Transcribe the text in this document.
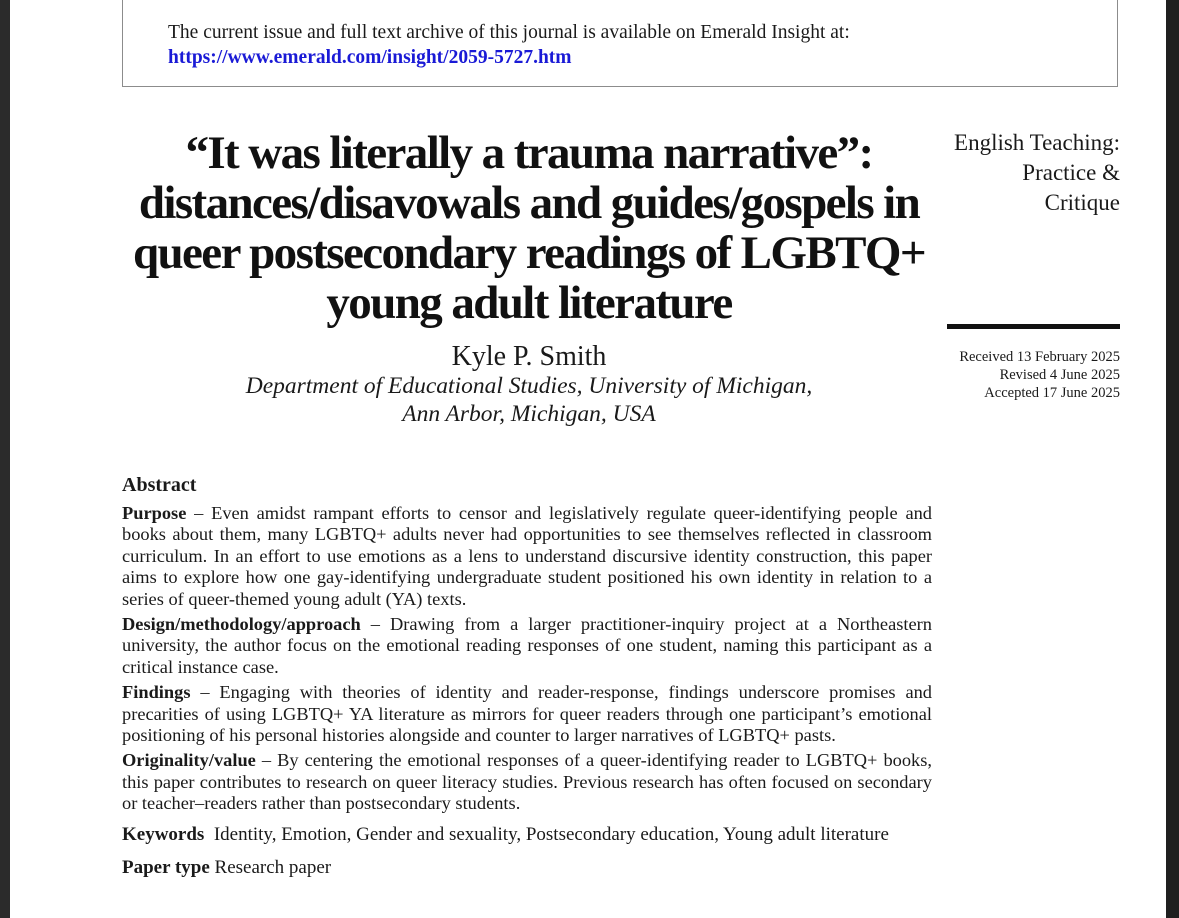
The current issue and full text archive of this journal is available on Emerald Insight at:
https://www.emerald.com/insight/2059-5727.htm
“It was literally a trauma narrative”: distances/disavowals and guides/gospels in queer postsecondary readings of LGBTQ+ young adult literature
English Teaching:
Practice &
Critique
Received 13 February 2025
Revised 4 June 2025
Accepted 17 June 2025
Kyle P. Smith
Department of Educational Studies, University of Michigan,
Ann Arbor, Michigan, USA
Abstract

Purpose – Even amidst rampant efforts to censor and legislatively regulate queer-identifying people and books about them, many LGBTQ+ adults never had opportunities to see themselves reflected in classroom curriculum. In an effort to use emotions as a lens to understand discursive identity construction, this paper aims to explore how one gay-identifying undergraduate student positioned his own identity in relation to a series of queer-themed young adult (YA) texts.

Design/methodology/approach – Drawing from a larger practitioner-inquiry project at a Northeastern university, the author focus on the emotional reading responses of one student, naming this participant as a critical instance case.

Findings – Engaging with theories of identity and reader-response, findings underscore promises and precarities of using LGBTQ+ YA literature as mirrors for queer readers through one participant’s emotional positioning of his personal histories alongside and counter to larger narratives of LGBTQ+ pasts.

Originality/value – By centering the emotional responses of a queer-identifying reader to LGBTQ+ books, this paper contributes to research on queer literacy studies. Previous research has often focused on secondary or teacher–readers rather than postsecondary students.

Keywords Identity, Emotion, Gender and sexuality, Postsecondary education, Young adult literature
Paper type Research paper
